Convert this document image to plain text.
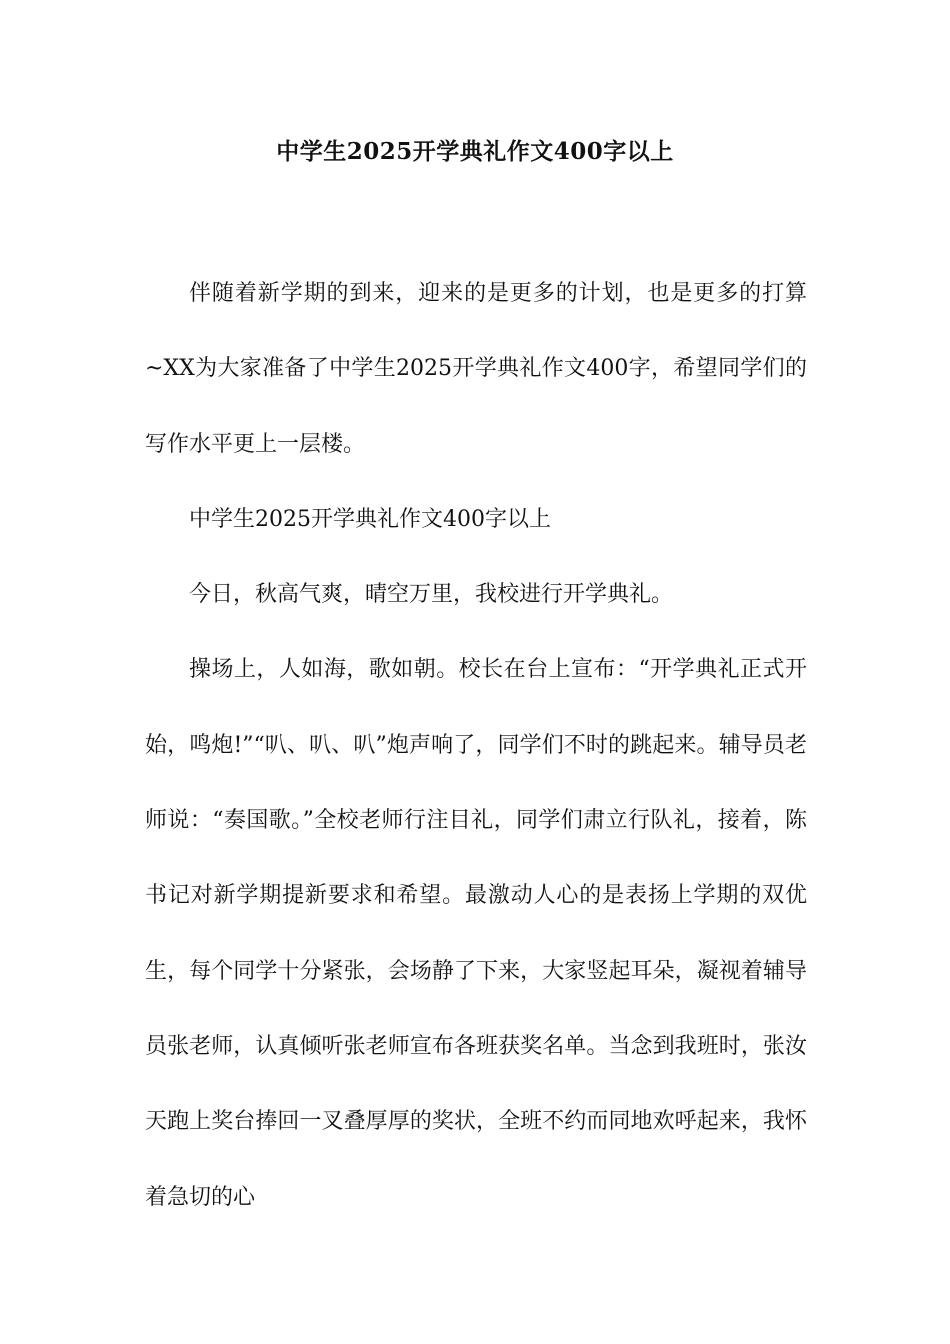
中学生2025开学典礼作文400字以上

伴随着新学期的到来，迎来的是更多的计划，也是更多的打算~XX为大家准备了中学生2025开学典礼作文400字，希望同学们的写作水平更上一层楼。

中学生2025开学典礼作文400字以上

今日，秋高气爽，晴空万里，我校进行开学典礼。

操场上，人如海，歌如朝。校长在台上宣布：“开学典礼正式开始，鸣炮!”“叭、叭、叭”炮声响了，同学们不时的跳起来。辅导员老师说：“奏国歌。”全校老师行注目礼，同学们肃立行队礼，接着，陈书记对新学期提新要求和希望。最激动人心的是表扬上学期的双优生，每个同学十分紧张，会场静了下来，大家竖起耳朵，凝视着辅导员张老师，认真倾听张老师宣布各班获奖名单。当念到我班时，张汝天跑上奖台捧回一叉叠厚厚的奖状，全班不约而同地欢呼起来，我怀着急切的心
